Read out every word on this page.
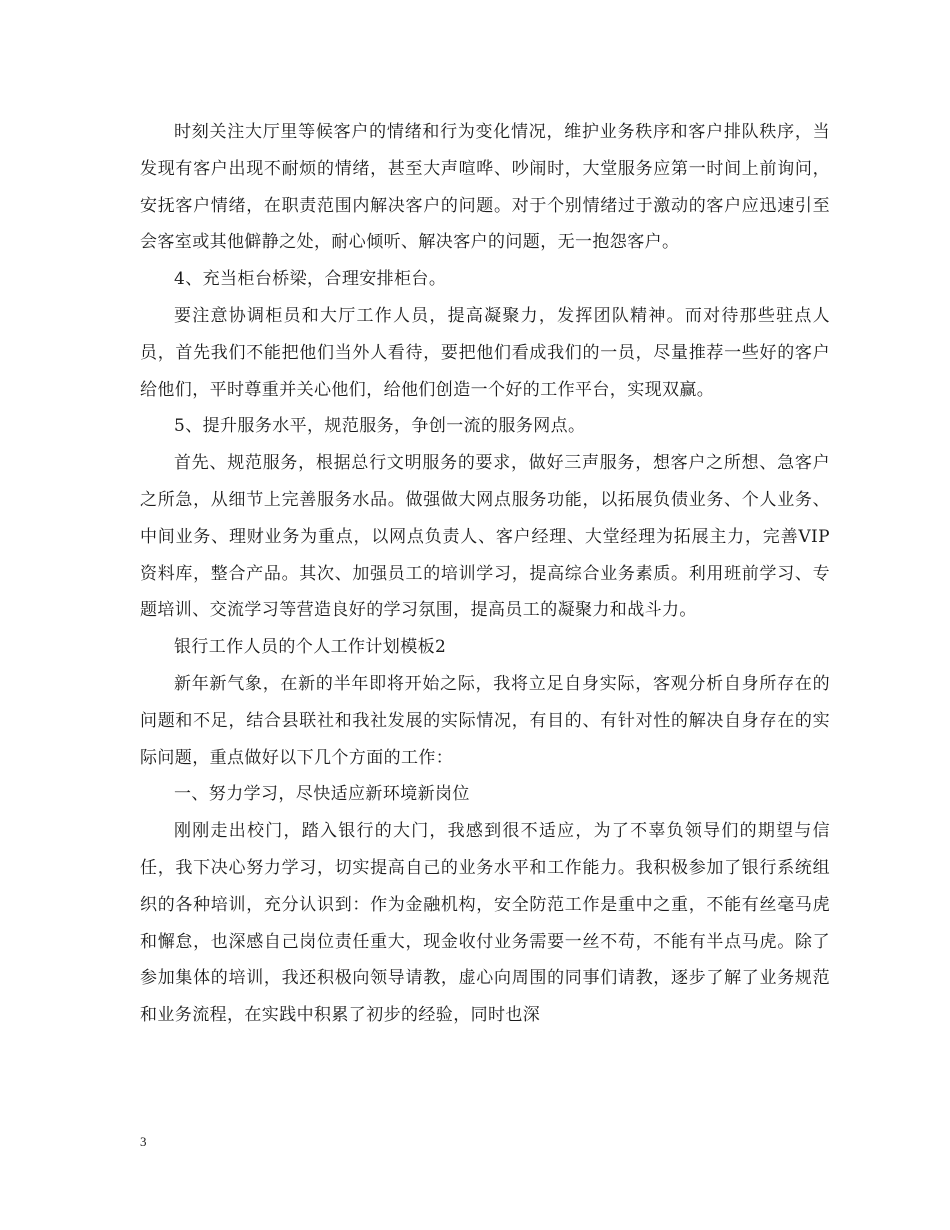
时刻关注大厅里等候客户的情绪和行为变化情况，维护业务秩序和客户排队秩序，当发现有客户出现不耐烦的情绪，甚至大声喧哗、吵闹时，大堂服务应第一时间上前询问，安抚客户情绪，在职责范围内解决客户的问题。对于个别情绪过于激动的客户应迅速引至会客室或其他僻静之处，耐心倾听、解决客户的问题，无一抱怨客户。

4、充当柜台桥梁，合理安排柜台。

要注意协调柜员和大厅工作人员，提高凝聚力，发挥团队精神。而对待那些驻点人员，首先我们不能把他们当外人看待，要把他们看成我们的一员，尽量推荐一些好的客户给他们，平时尊重并关心他们，给他们创造一个好的工作平台，实现双赢。

5、提升服务水平，规范服务，争创一流的服务网点。

首先、规范服务，根据总行文明服务的要求，做好三声服务，想客户之所想、急客户之所急，从细节上完善服务水品。做强做大网点服务功能，以拓展负债业务、个人业务、中间业务、理财业务为重点，以网点负责人、客户经理、大堂经理为拓展主力，完善VIP资料库，整合产品。其次、加强员工的培训学习，提高综合业务素质。利用班前学习、专题培训、交流学习等营造良好的学习氛围，提高员工的凝聚力和战斗力。

银行工作人员的个人工作计划模板2

新年新气象，在新的半年即将开始之际，我将立足自身实际，客观分析自身所存在的问题和不足，结合县联社和我社发展的实际情况，有目的、有针对性的解决自身存在的实际问题，重点做好以下几个方面的工作：

一、努力学习，尽快适应新环境新岗位

刚刚走出校门，踏入银行的大门，我感到很不适应，为了不辜负领导们的期望与信任，我下决心努力学习，切实提高自己的业务水平和工作能力。我积极参加了银行系统组织的各种培训，充分认识到：作为金融机构，安全防范工作是重中之重，不能有丝毫马虎和懈怠，也深感自己岗位责任重大，现金收付业务需要一丝不苟，不能有半点马虎。除了参加集体的培训，我还积极向领导请教，虚心向周围的同事们请教，逐步了解了业务规范和业务流程，在实践中积累了初步的经验，同时也深

3
